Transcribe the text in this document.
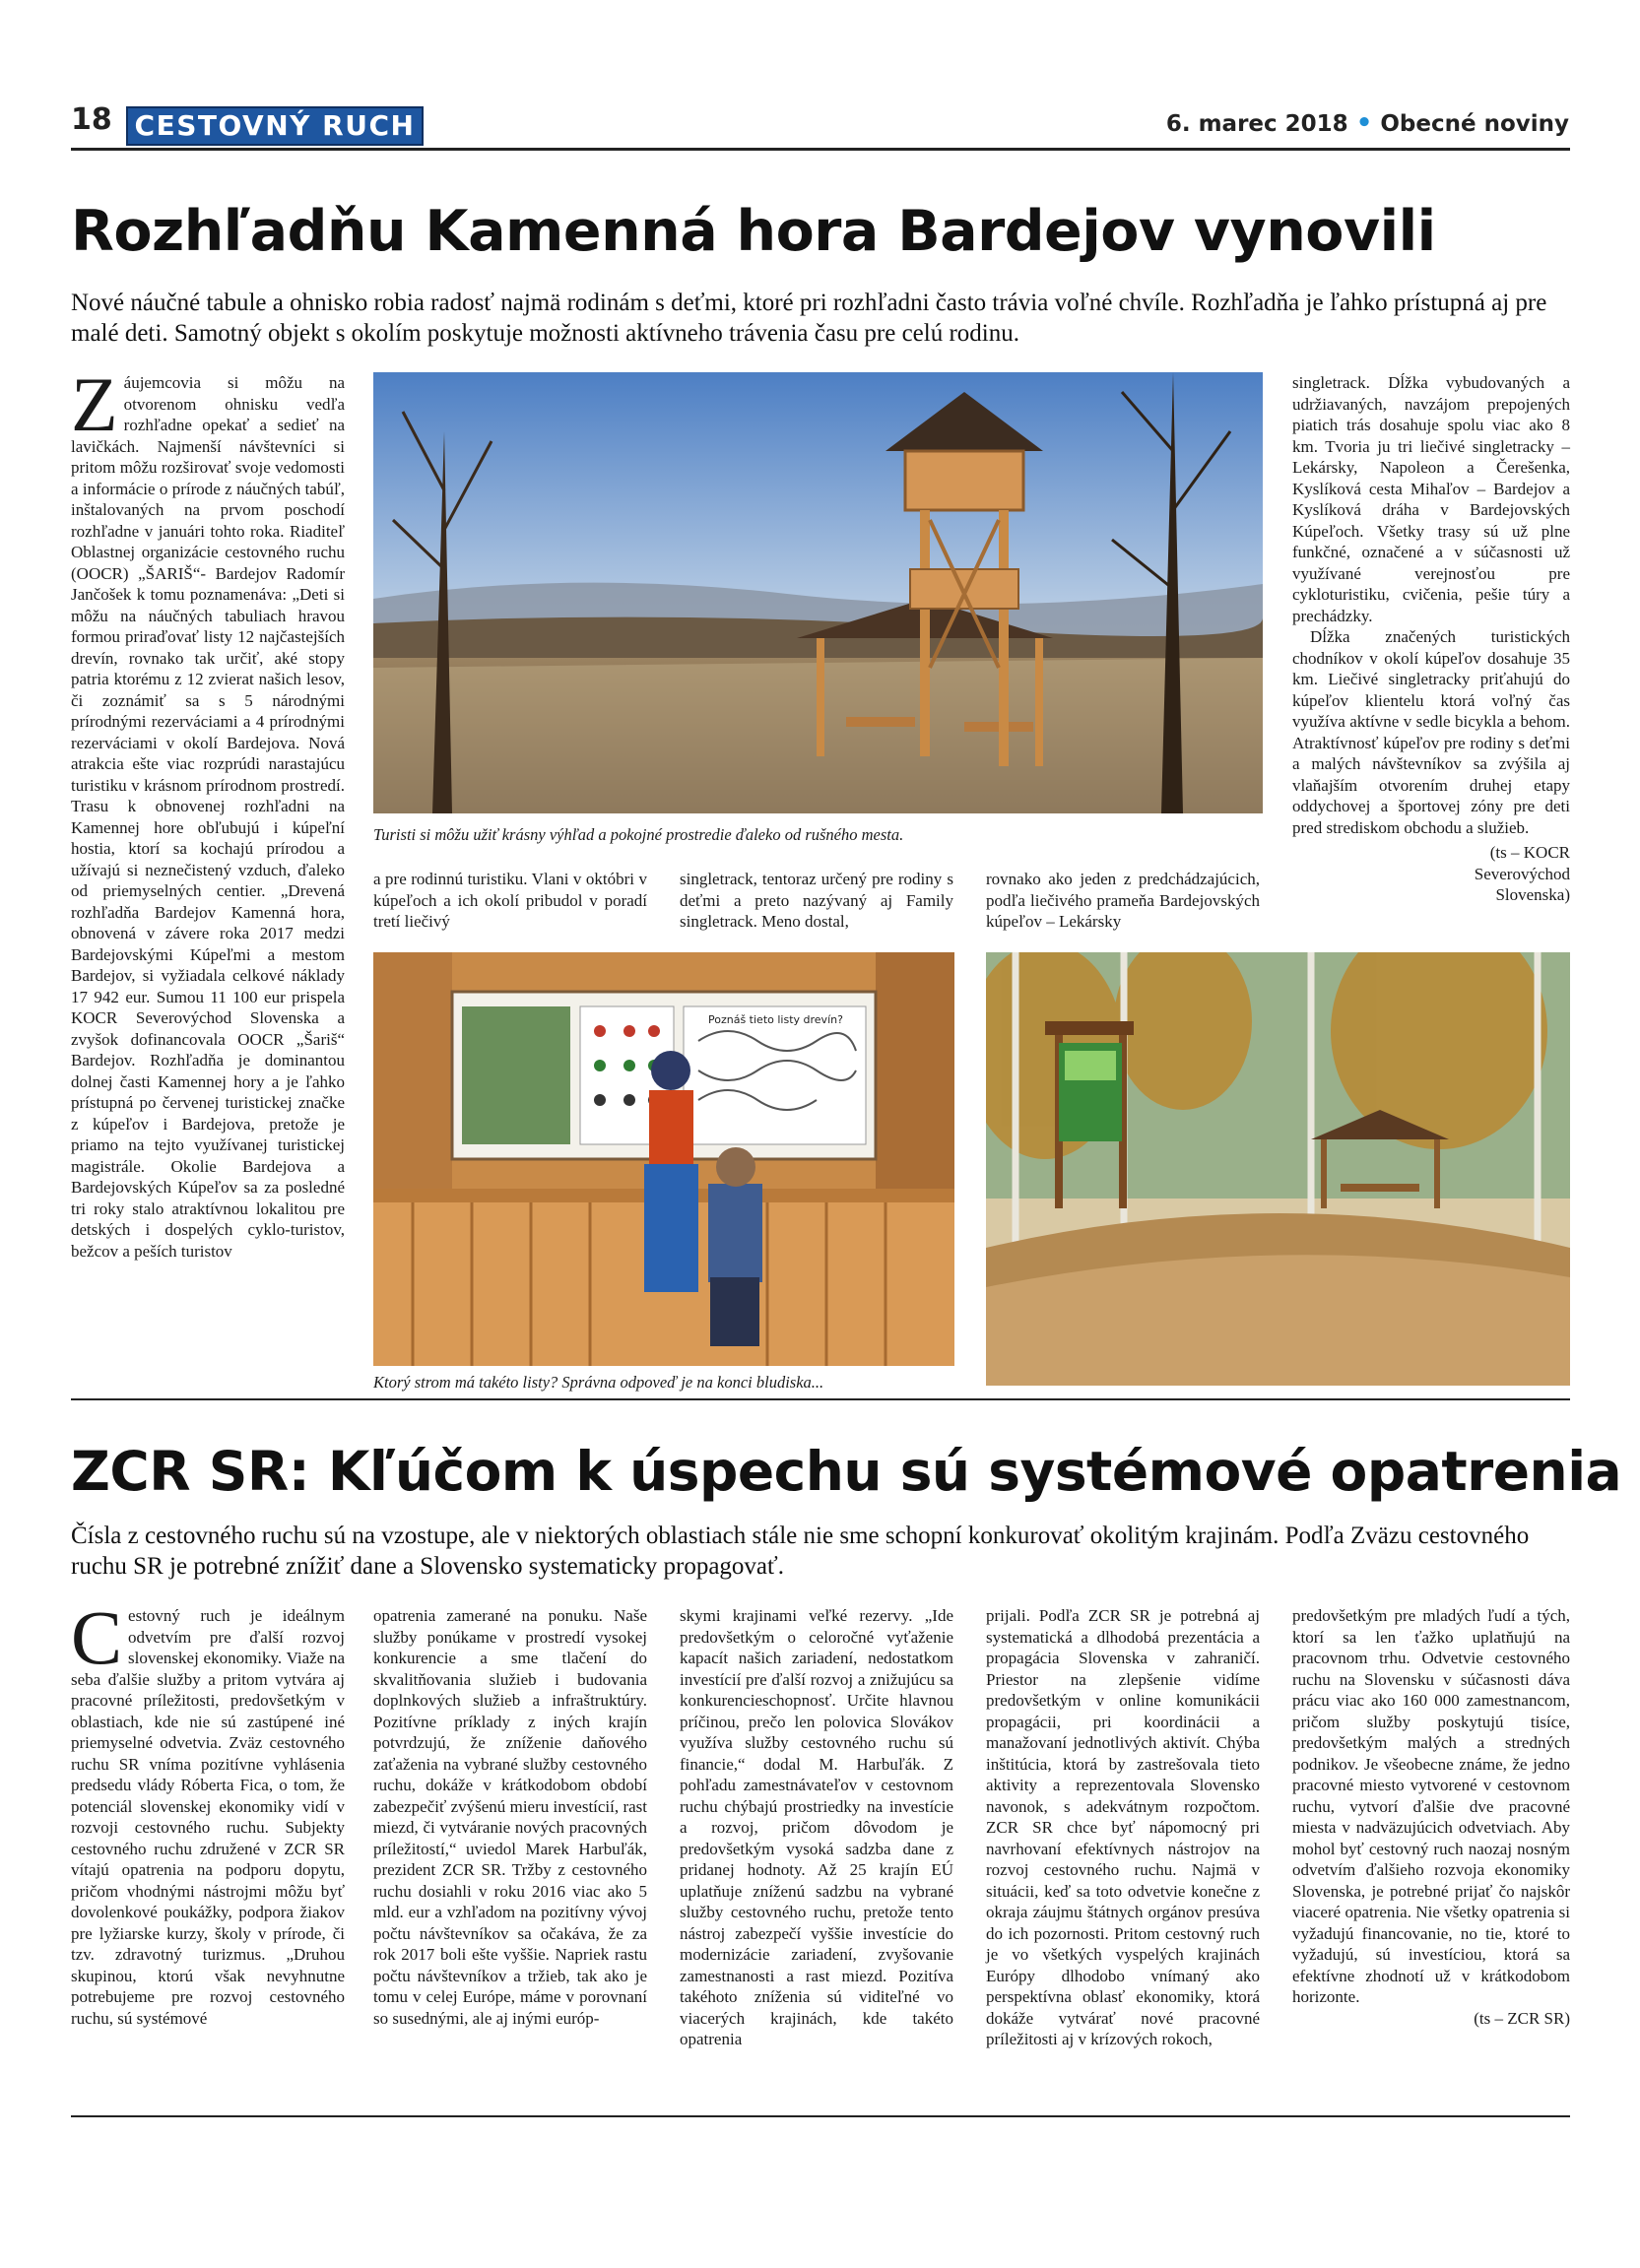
18 CESTOVNÝ RUCH	6. marec 2018 • Obecné noviny
Rozhľadňu Kamenná hora Bardejov vynovili
Nové náučné tabule a ohnisko robia radosť najmä rodinám s deťmi, ktoré pri rozhľadni často trávia voľné chvíle. Rozhľadňa je ľahko prístupná aj pre malé deti. Samotný objekt s okolím poskytuje možnosti aktívneho trávenia času pre celú rodinu.
Záujemcovia si môžu na otvorenom ohnisku vedľa rozhľadne opekať a sedieť na lavičkách. Najmenší návštevníci si pritom môžu rozširovať svoje vedomosti a informácie o prírode z náučných tabúľ, inštalovaných na prvom poschodí rozhľadne v januári tohto roka. Riaditeľ Oblastnej organizácie cestovného ruchu (OOCR) „ŠARIŠ“- Bardejov Radomír Jančošek k tomu poznamenáva: „Deti si môžu na náučných tabuliach hravou formou priraďovať listy 12 najčastejších drevín, rovnako tak určiť, aké stopy patria ktorému z 12 zvierat našich lesov, či zoznámiť sa s 5 národnými prírodnými rezerváciami a 4 prírodnými rezerváciami v okolí Bardejova. Nová atrakcia ešte viac rozprúdi narastajúcu turistiku v krásnom prírodnom prostredí. Trasu k obnovenej rozhľadni na Kamennej hore obľubujú i kúpeľní hostia, ktorí sa kochajú prírodou a užívajú si neznečistený vzduch, ďaleko od priemyselných centier. „Drevená rozhľadňa Bardejov Kamenná hora, obnovená v závere roka 2017 medzi Bardejovskými Kúpeľmi a mestom Bardejov, si vyžiadala celkové náklady 17 942 eur. Sumou 11 100 eur prispela KOCR Severovýchod Slovenska a zvyšok dofinancovala OOCR „Šariš“ Bardejov. Rozhľadňa je dominantou dolnej časti Kamennej hory a je ľahko prístupná po červenej turistickej značke z kúpeľov i Bardejova, pretože je priamo na tejto využívanej turistickej magistrále. Okolie Bardejova a Bardejovských Kúpeľov sa za posledné tri roky stalo atraktívnou lokalitou pre detských i dospelých cyklo-turistov, bežcov a peších turistov
Turisti si môžu užiť krásny výhľad a pokojné prostredie ďaleko od rušného mesta.

singletrack. Dĺžka vybudovaných a udržiavaných, navzájom prepojených piatich trás dosahuje spolu viac ako 8 km. Tvoria ju tri liečivé singletracky – Lekársky, Napoleon a Čerešenka, Kyslíková cesta Mihaľov – Bardejov a Kyslíková dráha v Bardejovských Kúpeľoch. Všetky trasy sú už plne funkčné, označené a v súčasnosti už využívané verejnosťou pre cykloturistiku, cvičenia, pešie túry a prechádzky.

Dĺžka značených turistických chodníkov v okolí kúpeľov dosahuje 35 km. Liečivé singletracky priťahujú do kúpeľov klientelu ktorá voľný čas využíva aktívne v sedle bicykla a behom. Atraktívnosť kúpeľov pre rodiny s deťmi a malých návštevníkov sa zvýšila aj vlaňajším otvorením druhej etapy oddychovej a športovej zóny pre deti pred strediskom obchodu a služieb.

(ts – KOCR Severovýchod Slovenska)

a pre rodinnú turistiku. Vlani v októbri v kúpeľoch a ich okolí pribudol v poradí tretí liečivý
singletrack, tentoraz určený pre rodiny s deťmi a preto nazývaný aj Family singletrack. Meno dostal,
rovnako ako jeden z predchádzajúcich, podľa liečivého prameňa Bardejovských kúpeľov – Lekársky
Poznáš tieto listy drevín?
Ktorý strom má takéto listy? Správna odpoveď je na konci bludiska...
ZCR SR: Kľúčom k úspechu sú systémové opatrenia
Čísla z cestovného ruchu sú na vzostupe, ale v niektorých oblastiach stále nie sme schopní konkurovať okolitým krajinám. Podľa Zväzu cestovného ruchu SR je potrebné znížiť dane a Slovensko systematicky propagovať.
Cestovný ruch je ideálnym odvetvím pre ďalší rozvoj slovenskej ekonomiky. Viaže na seba ďalšie služby a pritom vytvára aj pracovné príležitosti, predovšetkým v oblastiach, kde nie sú zastúpené iné priemyselné odvetvia. Zväz cestovného ruchu SR vníma pozitívne vyhlásenia predsedu vlády Róberta Fica, o tom, že potenciál slovenskej ekonomiky vidí v rozvoji cestovného ruchu. Subjekty cestovného ruchu združené v ZCR SR vítajú opatrenia na podporu dopytu, pričom vhodnými nástrojmi môžu byť dovolenkové poukážky, podpora žiakov pre lyžiarske kurzy, školy v prírode, či tzv. zdravotný turizmus. „Druhou skupinou, ktorú však nevyhnutne potrebujeme pre rozvoj cestovného ruchu, sú systémové
opatrenia zamerané na ponuku. Naše služby ponúkame v prostredí vysokej konkurencie a sme tlačení do skvalitňovania služieb i budovania doplnkových služieb a infraštruktúry. Pozitívne príklady z iných krajín potvrdzujú, že zníženie daňového zaťaženia na vybrané služby cestovného ruchu, dokáže v krátkodobom období zabezpečiť zvýšenú mieru investícií, rast miezd, či vytváranie nových pracovných príležitostí,“ uviedol Marek Harbuľák, prezident ZCR SR. Tržby z cestovného ruchu dosiahli v roku 2016 viac ako 5 mld. eur a vzhľadom na pozitívny vývoj počtu návštevníkov sa očakáva, že za rok 2017 boli ešte vyššie. Napriek rastu počtu návštevníkov a tržieb, tak ako je tomu v celej Európe, máme v porovnaní so susednými, ale aj inými európ-
skymi krajinami veľké rezervy. „Ide predovšetkým o celoročné vyťaženie kapacít našich zariadení, nedostatkom investícií pre ďalší rozvoj a znižujúcu sa konkurencieschopnosť. Určite hlavnou príčinou, prečo len polovica Slovákov využíva služby cestovného ruchu sú financie,“ dodal M. Harbuľák. Z pohľadu zamestnávateľov v cestovnom ruchu chýbajú prostriedky na investície a rozvoj, pričom dôvodom je predovšetkým vysoká sadzba dane z pridanej hodnoty. Až 25 krajín EÚ uplatňuje zníženú sadzbu na vybrané služby cestovného ruchu, pretože tento nástroj zabezpečí vyššie investície do modernizácie zariadení, zvyšovanie zamestnanosti a rast miezd. Pozitíva takéhoto zníženia sú viditeľné vo viacerých krajinách, kde takéto opatrenia
prijali. Podľa ZCR SR je potrebná aj systematická a dlhodobá prezentácia a propagácia Slovenska v zahraničí. Priestor na zlepšenie vidíme predovšetkým v online komunikácii propagácii, pri koordinácii a manažovaní jednotlivých aktivít. Chýba inštitúcia, ktorá by zastrešovala tieto aktivity a reprezentovala Slovensko navonok, s adekvátnym rozpočtom. ZCR SR chce byť nápomocný pri navrhovaní efektívnych nástrojov na rozvoj cestovného ruchu. Najmä v situácii, keď sa toto odvetvie konečne z okraja záujmu štátnych orgánov presúva do ich pozornosti. Pritom cestovný ruch je vo všetkých vyspelých krajinách Európy dlhodobo vnímaný ako perspektívna oblasť ekonomiky, ktorá dokáže vytvárať nové pracovné príležitosti aj v krízových rokoch,

predovšetkým pre mladých ľudí a tých, ktorí sa len ťažko uplatňujú na pracovnom trhu. Odvetvie cestovného ruchu na Slovensku v súčasnosti dáva prácu viac ako 160 000 zamestnancom, pričom služby poskytujú tisíce, predovšetkým malých a stredných podnikov. Je všeobecne známe, že jedno pracovné miesto vytvorené v cestovnom ruchu, vytvorí ďalšie dve pracovné miesta v nadväzujúcich odvetviach. Aby mohol byť cestovný ruch naozaj nosným odvetvím ďalšieho rozvoja ekonomiky Slovenska, je potrebné prijať čo najskôr viaceré opatrenia. Nie všetky opatrenia si vyžadujú financovanie, no tie, ktoré to vyžadujú, sú investíciou, ktorá sa efektívne zhodnotí už v krátkodobom horizonte.

(ts – ZCR SR)
